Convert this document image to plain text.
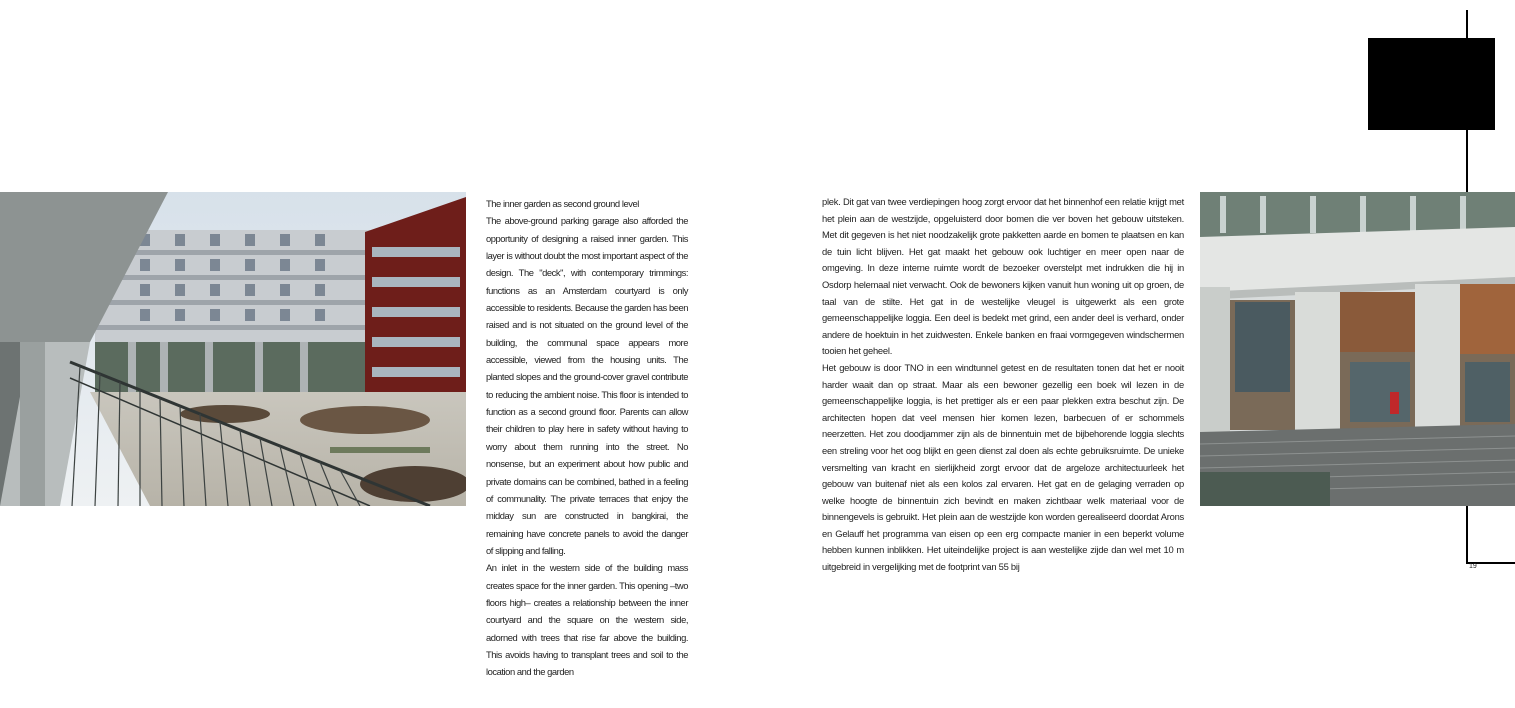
The inner garden as second ground level

The above-ground parking garage also afforded the opportunity of designing a raised inner garden. This layer is without doubt the most important aspect of the design. The "deck", with contemporary trimmings: functions as an Amsterdam courtyard is only accessible to residents. Because the garden has been raised and is not situated on the ground level of the building, the communal space appears more accessible, viewed from the housing units. The planted slopes and the ground-cover gravel contribute to reducing the ambient noise. This floor is intended to function as a second ground floor. Parents can allow their children to play here in safety without having to worry about them running into the street. No nonsense, but an experiment about how public and private domains can be combined, bathed in a feeling of communality. The private terraces that enjoy the midday sun are constructed in bangkirai, the remaining have concrete panels to avoid the danger of slipping and falling.

An inlet in the western side of the building mass creates space for the inner garden. This opening –two floors high– creates a relationship between the inner courtyard and the square on the western side, adorned with trees that rise far above the building. This avoids having to transplant trees and soil to the location and the garden

plek. Dit gat van twee verdiepingen hoog zorgt ervoor dat het binnenhof een relatie krijgt met het plein aan de westzijde, opgeluisterd door bomen die ver boven het gebouw uitsteken. Met dit gegeven is het niet noodzakelijk grote pakketten aarde en bomen te plaatsen en kan de tuin licht blijven. Het gat maakt het gebouw ook luchtiger en meer open naar de omgeving. In deze interne ruimte wordt de bezoeker overstelpt met indrukken die hij in Osdorp helemaal niet verwacht. Ook de bewoners kijken vanuit hun woning uit op groen, de taal van de stilte. Het gat in de westelijke vleugel is uitgewerkt als een grote gemeenschappelijke loggia. Een deel is bedekt met grind, een ander deel is verhard, onder andere de hoektuin in het zuidwesten. Enkele banken en fraai vormgegeven windschermen tooien het geheel.

Het gebouw is door TNO in een windtunnel getest en de resultaten tonen dat het er nooit harder waait dan op straat. Maar als een bewoner gezellig een boek wil lezen in de gemeenschappelijke loggia, is het prettiger als er een paar plekken extra beschut zijn. De architecten hopen dat veel mensen hier komen lezen, barbecuen of er schommels neerzetten. Het zou doodjammer zijn als de binnentuin met de bijbehorende loggia slechts een streling voor het oog blijkt en geen dienst zal doen als echte gebruiksruimte. De unieke versmelting van kracht en sierlijkheid zorgt ervoor dat de argeloze architectuurleek het gebouw van buitenaf niet als een kolos zal ervaren. Het gat en de gelaging verraden op welke hoogte de binnentuin zich bevindt en maken zichtbaar welk materiaal voor de binnengevels is gebruikt. Het plein aan de westzijde kon worden gerealiseerd doordat Arons en Gelauff het programma van eisen op een erg compacte manier in een beperkt volume hebben kunnen inblikken. Het uiteindelijke project is aan westelijke zijde dan wel met 10 m uitgebreid in vergelijking met de footprint van 55 bij	19
